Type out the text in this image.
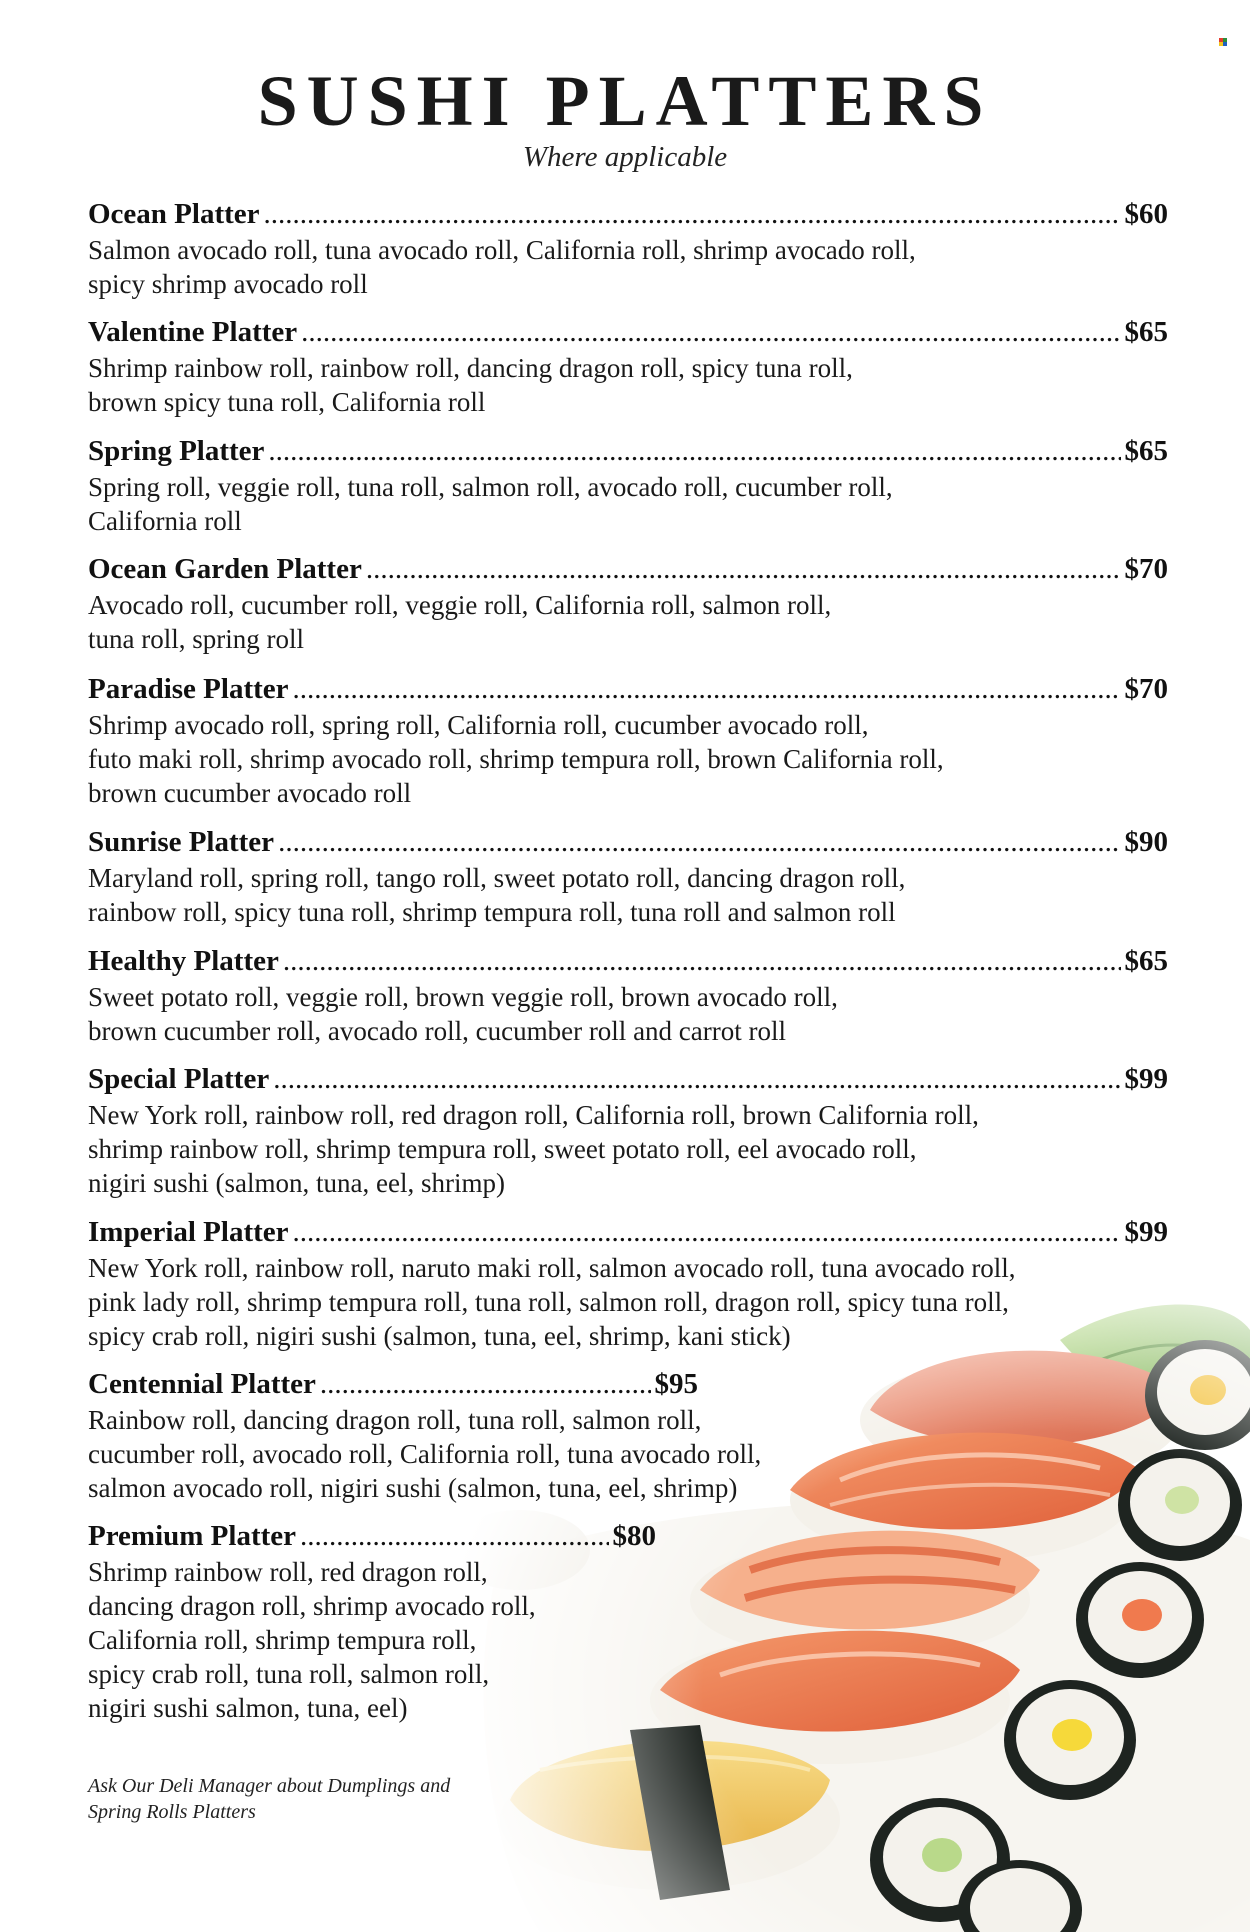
SUSHI PLATTERS
Where applicable
Ocean Platter .....	$60
Salmon avocado roll, tuna avocado roll, California roll, shrimp avocado roll,
spicy shrimp avocado roll
Valentine Platter .....	$65
Shrimp rainbow roll, rainbow roll, dancing dragon roll, spicy tuna roll,
brown spicy tuna roll, California roll
Spring Platter .....	$65
Spring roll, veggie roll, tuna roll, salmon roll, avocado roll, cucumber roll,
California roll
Ocean Garden Platter .....	$70
Avocado roll, cucumber roll, veggie roll, California roll, salmon roll,
tuna roll, spring roll
Paradise Platter .....	$70
Shrimp avocado roll, spring roll, California roll, cucumber avocado roll,
futo maki roll, shrimp avocado roll, shrimp tempura roll, brown California roll,
brown cucumber avocado roll
Sunrise Platter .....	$90
Maryland roll, spring roll, tango roll, sweet potato roll, dancing dragon roll,
rainbow roll, spicy tuna roll, shrimp tempura roll, tuna roll and salmon roll
Healthy Platter .....	$65
Sweet potato roll, veggie roll, brown veggie roll, brown avocado roll,
brown cucumber roll, avocado roll, cucumber roll and carrot roll
Special Platter .....	$99
New York roll, rainbow roll, red dragon roll, California roll, brown California roll,
shrimp rainbow roll, shrimp tempura roll, sweet potato roll, eel avocado roll,
nigiri sushi (salmon, tuna, eel, shrimp)
Imperial Platter .....	$99
New York roll, rainbow roll, naruto maki roll, salmon avocado roll, tuna avocado roll,
pink lady roll, shrimp tempura roll, tuna roll, salmon roll, dragon roll, spicy tuna roll,
spicy crab roll, nigiri sushi (salmon, tuna, eel, shrimp, kani stick)
Centennial Platter .....	$95
Rainbow roll, dancing dragon roll, tuna roll, salmon roll,
cucumber roll, avocado roll, California roll, tuna avocado roll,
salmon avocado roll, nigiri sushi (salmon, tuna, eel, shrimp)
Premium Platter .....	$80
Shrimp rainbow roll, red dragon roll,
dancing dragon roll, shrimp avocado roll,
California roll, shrimp tempura roll,
spicy crab roll, tuna roll, salmon roll,
nigiri sushi salmon, tuna, eel)
Ask Our Deli Manager about Dumplings and
Spring Rolls Platters
